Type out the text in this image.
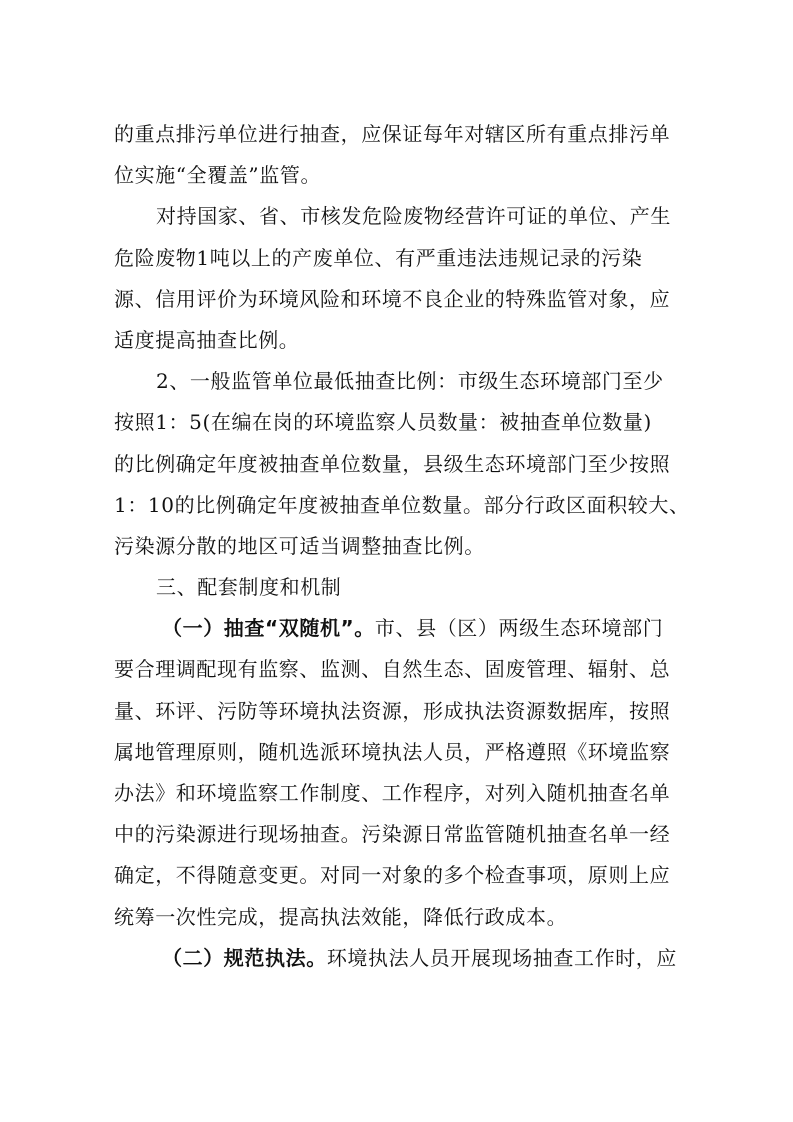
的重点排污单位进行抽查，应保证每年对辖区所有重点排污单
位实施“全覆盖”监管。
对持国家、省、市核发危险废物经营许可证的单位、产生
危险废物1吨以上的产废单位、有严重违法违规记录的污染
源、信用评价为环境风险和环境不良企业的特殊监管对象，应
适度提高抽查比例。
2、一般监管单位最低抽查比例：市级生态环境部门至少
按照1：5(在编在岗的环境监察人员数量：被抽查单位数量)
的比例确定年度被抽查单位数量，县级生态环境部门至少按照
1：10的比例确定年度被抽查单位数量。部分行政区面积较大、
污染源分散的地区可适当调整抽查比例。
三、配套制度和机制
（一）抽查“双随机”。市、县（区）两级生态环境部门
要合理调配现有监察、监测、自然生态、固废管理、辐射、总
量、环评、污防等环境执法资源，形成执法资源数据库，按照
属地管理原则，随机选派环境执法人员，严格遵照《环境监察
办法》和环境监察工作制度、工作程序，对列入随机抽查名单
中的污染源进行现场抽查。污染源日常监管随机抽查名单一经
确定，不得随意变更。对同一对象的多个检查事项，原则上应
统筹一次性完成，提高执法效能，降低行政成本。
（二）规范执法。环境执法人员开展现场抽查工作时，应
